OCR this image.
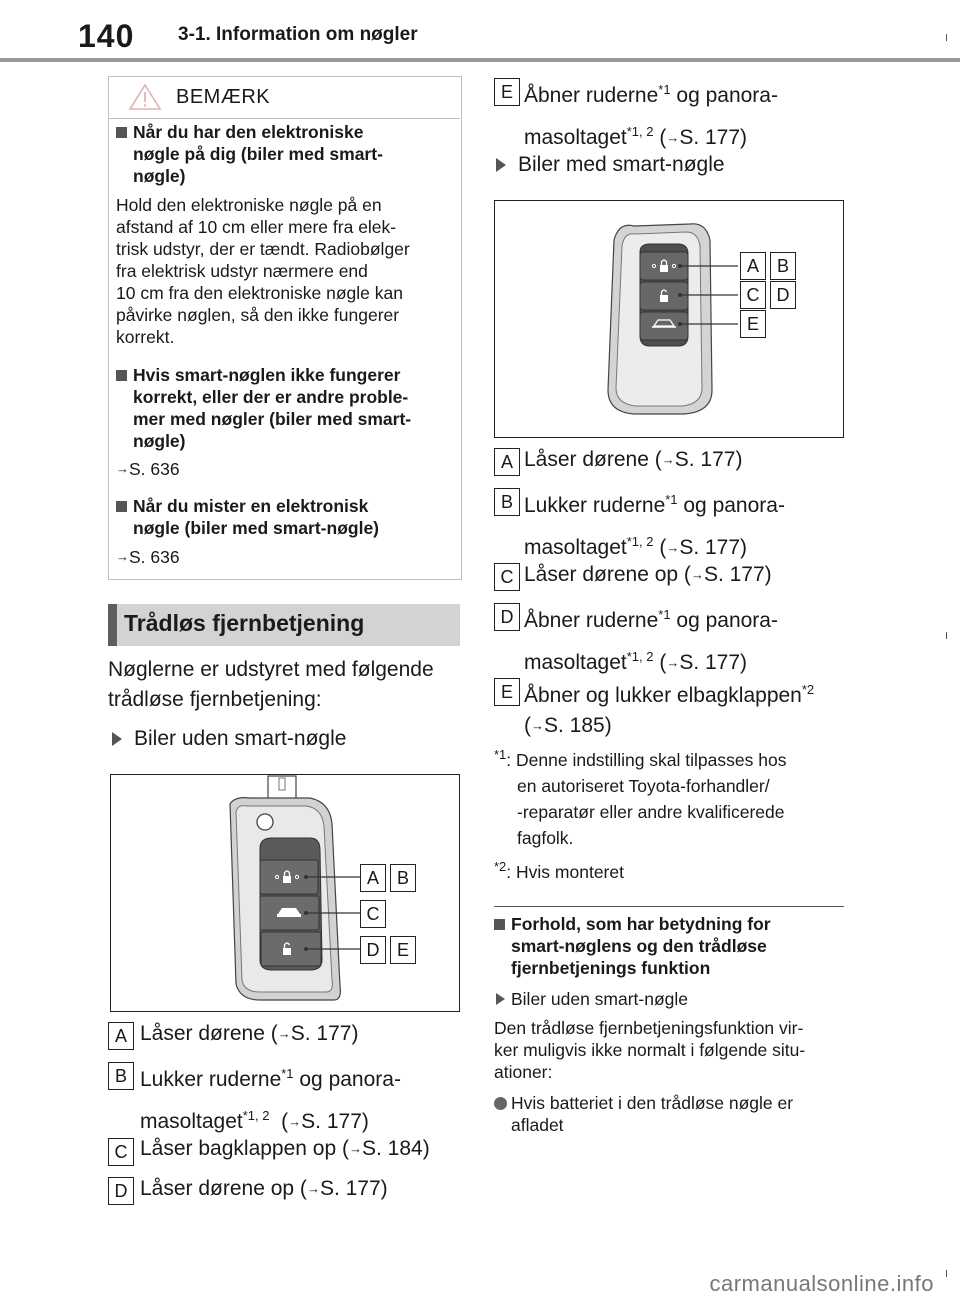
140 3-1. Information om nøgler
BEMÆRK
Når du har den elektroniske
nøgle på dig (biler med smart-
nøgle)
Hold den elektroniske nøgle på en
afstand af 10 cm eller mere fra elek-
trisk udstyr, der er tændt. Radiobølger
fra elektrisk udstyr nærmere end
10 cm fra den elektroniske nøgle kan
påvirke nøglen, så den ikke fungerer
korrekt.
Hvis smart-nøglen ikke fungerer
korrekt, eller der er andre proble-
mer med nøgler (biler med smart-
nøgle)
→S. 636
Når du mister en elektronisk
nøgle (biler med smart-nøgle)
→S. 636
Trådløs fjernbetjening
Nøglerne er udstyret med følgende
trådløse fjernbetjening:
Biler uden smart-nøgle
A B
C
D E
A Låser dørene (→S. 177)
B Lukker ruderne$^{*1}$ og panora-
masoltaget$^{*1, 2}$  (→S. 177)
C Låser bagklappen op (→S. 184)
D Låser dørene op (→S. 177)
E Åbner ruderne$^{*1}$ og panora-
masoltaget$^{*1, 2}$ (→S. 177)
Biler med smart-nøgle
A B
C D
E
A Låser dørene (→S. 177)
B Lukker ruderne$^{*1}$ og panora-
masoltaget$^{*1, 2}$ (→S. 177)
C Låser dørene op (→S. 177)
D Åbner ruderne$^{*1}$ og panora-
masoltaget$^{*1, 2}$ (→S. 177)
E Åbner og lukker elbagklappen$^{*2}$
(→S. 185)
$^{*1}$: Denne indstilling skal tilpasses hos
en autoriseret Toyota-forhandler/
-reparatør eller andre kvalificerede
fagfolk.
$^{*2}$: Hvis monteret
Forhold, som har betydning for
smart-nøglens og den trådløse
fjernbetjenings funktion
Biler uden smart-nøgle
Den trådløse fjernbetjeningsfunktion vir-
ker muligvis ikke normalt i følgende situ-
ationer:
Hvis batteriet i den trådløse nøgle er
afladet
carmanualsonline.info
